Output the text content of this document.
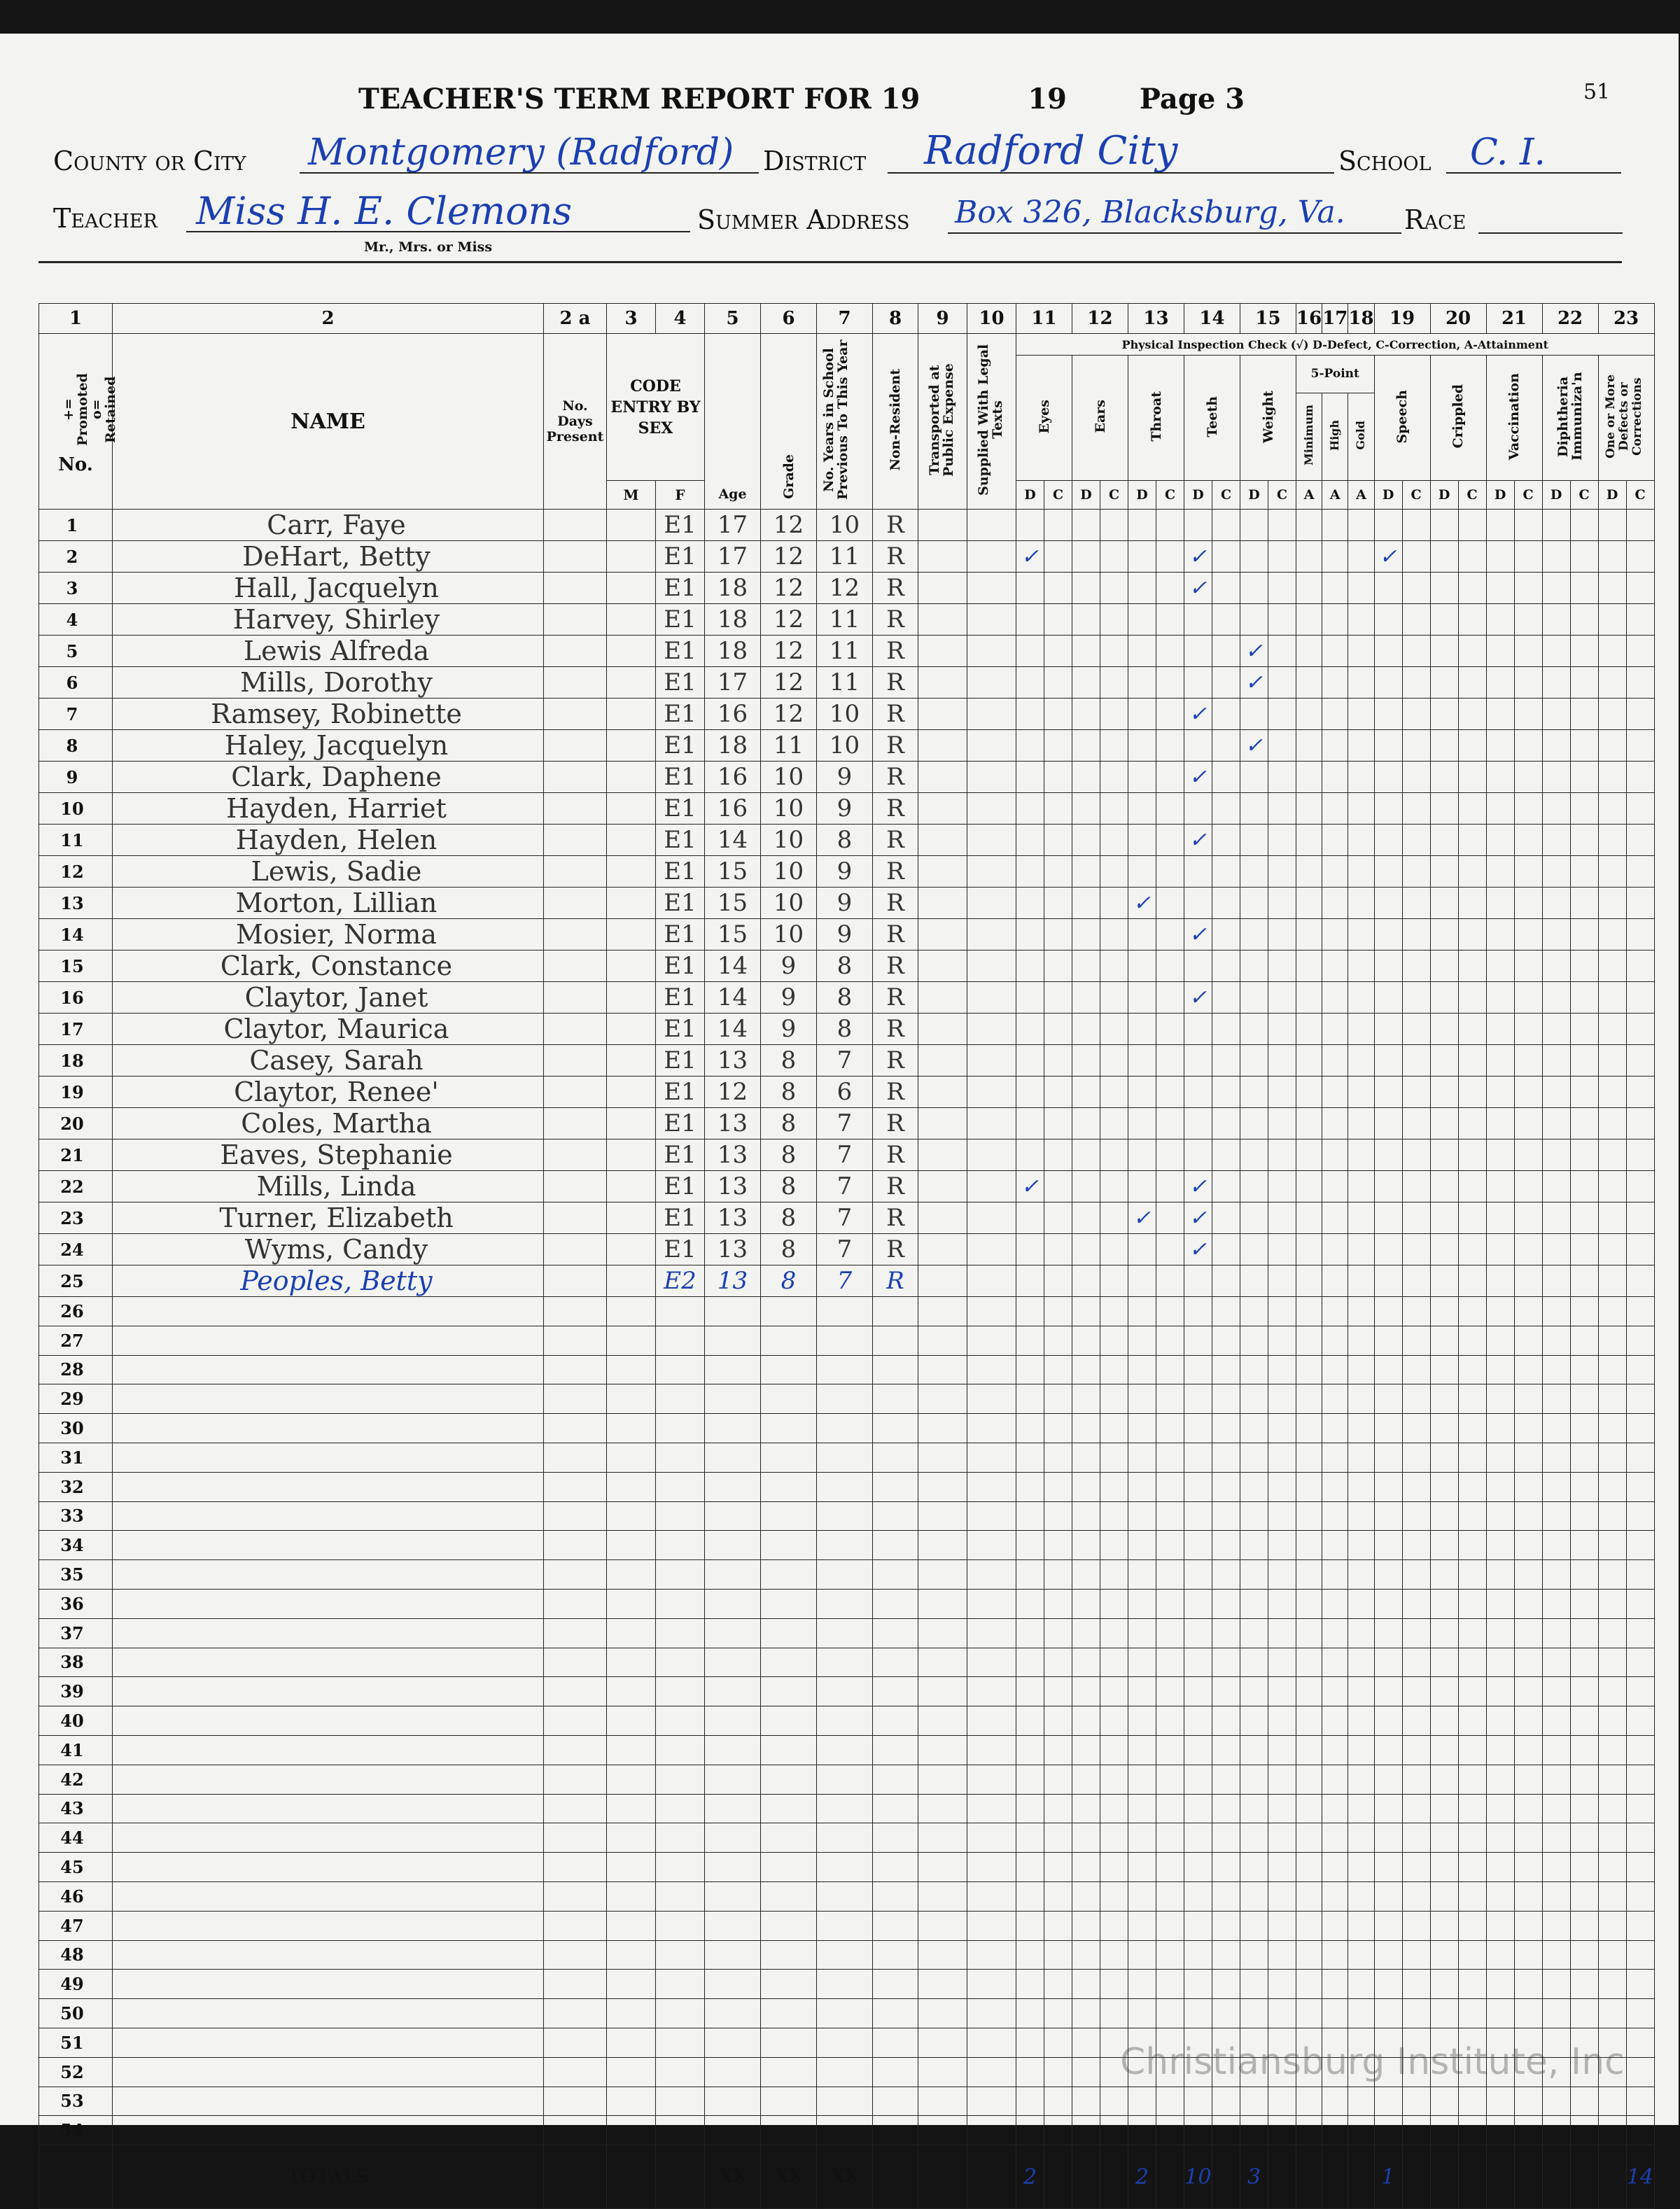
TEACHER'S TERM REPORT FOR 19	19	Page 3	51
County or City Montgomery (Radford) District Radford City	School C. I.
Teacher Miss H. E. Clemons
Mr., Mrs. or Miss
Summer Address Box 326, Blacksburg, Va. Race
1	2	2 a	3	4	5	6	7	8	9	10	11		12		13		14		15		16	17	18	19		20		21		22		23	
+= Promoted o= Retained
No.	NAME	No. Days Present	CODE ENTRY BY SEX		Age	Grade	No. Years in School Previous To This Year	Non-Resident	Transported at Public Expense	Supplied With Legal Texts	Physical Inspection Check (√) D-Defect, C-Correction, A-Attainment																						
											Eyes		Ears		Throat		Teeth		Weight		5-Point			Speech		Crippled		Vaccination		Diphtheria Immuniza'n		One or More Defects or Corrections	
																					Minimum	High	Gold										
			M	F							D	C	D	C	D	C	D	C	D	C	A	A	A	D	C	D	C	D	C	D	C	D	C
1	Carr, Faye			E1	17	12	10	R																									
2	DeHart, Betty			E1	17	12	11	R			✓						✓							✓									
3	Hall, Jacquelyn			E1	18	12	12	R									✓																
4	Harvey, Shirley			E1	18	12	11	R																									
5	Lewis Alfreda			E1	18	12	11	R											✓														
6	Mills, Dorothy			E1	17	12	11	R											✓														
7	Ramsey, Robinette			E1	16	12	10	R									✓																
8	Haley, Jacquelyn			E1	18	11	10	R											✓														
9	Clark, Daphene			E1	16	10	9	R									✓																
10	Hayden, Harriet			E1	16	10	9	R																									
11	Hayden, Helen			E1	14	10	8	R									✓																
12	Lewis, Sadie			E1	15	10	9	R																									
13	Morton, Lillian			E1	15	10	9	R							✓																		
14	Mosier, Norma			E1	15	10	9	R									✓																
15	Clark, Constance			E1	14	9	8	R																									
16	Claytor, Janet			E1	14	9	8	R									✓																
17	Claytor, Maurica			E1	14	9	8	R																									
18	Casey, Sarah			E1	13	8	7	R																									
19	Claytor, Renee'			E1	12	8	6	R																									
20	Coles, Martha			E1	13	8	7	R																									
21	Eaves, Stephanie			E1	13	8	7	R																									
22	Mills, Linda			E1	13	8	7	R			✓						✓																
23	Turner, Elizabeth			E1	13	8	7	R							✓		✓																
24	Wyms, Candy			E1	13	8	7	R									✓																
25	Peoples, Betty			E2	13	8	7	R																									
26																																	
27																																	
28																																	
29																																	
30																																	
31																																	
32																																	
33																																	
34																																	
35																																	
36																																	
37																																	
38																																	
39																																	
40																																	
41																																	
42																																	
43																																	
44																																	
45																																	
46																																	
47																																	
48																																	
49																																	
50																																	
51																																	
52																																	
53																																	
54																																	
	TOTALS				XX	XX	XX				2				2		10		3					1									14
Christiansburg Institute, Inc
